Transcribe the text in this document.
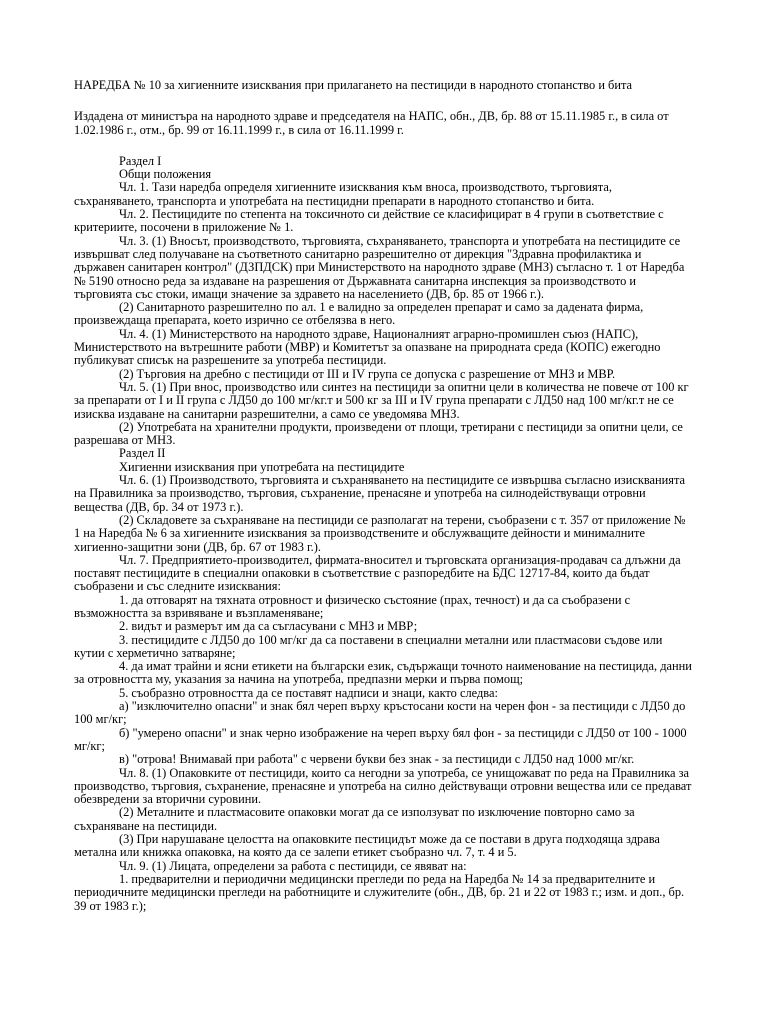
НАРЕДБА № 10 за хигиенните изисквания при прилагането на пестициди в народното стопанство и бита

Издадена от министъра на народното здраве и председателя на НАПС, обн., ДВ, бр. 88 от 15.11.1985 г., в сила от 1.02.1986 г., отм., бр. 99 от 16.11.1999 г., в сила от 16.11.1999 г.

Раздел I

Общи положения

Чл. 1. Тази наредба определя хигиенните изисквания към вноса, производството, търговията, съхраняването, транспорта и употребата на пестицидни препарати в народното стопанство и бита.

Чл. 2. Пестицидите по степента на токсичното си действие се класифицират в 4 групи в съответствие с критериите, посочени в приложение № 1.

Чл. 3. (1) Вносът, производството, търговията, съхраняването, транспорта и употребата на пестицидите се извършват след получаване на съответното санитарно разрешително от дирекция "Здравна профилактика и държавен санитарен контрол" (ДЗПДСК) при Министерството на народното здраве (МНЗ) съгласно т. 1 от Наредба № 5190 относно реда за издаване на разрешения от Държавната санитарна инспекция за производството и търговията със стоки, имащи значение за здравето на населението (ДВ, бр. 85 от 1966 г.).

(2) Санитарното разрешително по ал. 1 е валидно за определен препарат и само за дадената фирма, произвеждаща препарата, което изрично се отбелязва в него.

Чл. 4. (1) Министерството на народното здраве, Националният аграрно-промишлен съюз (НАПС), Министерството на вътрешните работи (МВР) и Комитетът за опазване на природната среда (КОПС) ежегодно публикуват списък на разрешените за употреба пестициди.

(2) Търговия на дребно с пестициди от III и IV група се допуска с разрешение от МНЗ и МВР.

Чл. 5. (1) При внос, производство или синтез на пестициди за опитни цели в количества не повече от 100 кг за препарати от I и II група с ЛД50 до 100 мг/кг.т и 500 кг за III и IV група препарати с ЛД50 над 100 мг/кг.т не се изисква издаване на санитарни разрешителни, а само се уведомява МНЗ.

(2) Употребата на хранителни продукти, произведени от площи, третирани с пестициди за опитни цели, се разрешава от МНЗ.

Раздел II

Хигиенни изисквания при употребата на пестицидите

Чл. 6. (1) Производството, търговията и съхраняването на пестицидите се извършва съгласно изискванията на Правилника за производство, търговия, съхранение, пренасяне и употреба на силнодействуващи отровни вещества (ДВ, бр. 34 от 1973 г.).

(2) Складовете за съхраняване на пестициди се разполагат на терени, съобразени с т. 357 от приложение № 1 на Наредба № 6 за хигиенните изисквания за производствените и обслужващите дейности и минималните хигиенно-защитни зони (ДВ, бр. 67 от 1983 г.).

Чл. 7. Предприятието-производител, фирмата-вносител и търговската организация-продавач са длъжни да поставят пестицидите в специални опаковки в съответствие с разпоредбите на БДС 12717-84, които да бъдат съобразени и със следните изисквания:

1. да отговарят на тяхната отровност и физическо състояние (прах, течност) и да са съобразени с възможността за взривяване и възпламеняване;

2. видът и размерът им да са съгласувани с МНЗ и МВР;

3. пестицидите с ЛД50 до 100 мг/кг да са поставени в специални метални или пластмасови съдове или кутии с херметично затваряне;

4. да имат трайни и ясни етикети на български език, съдържащи точното наименование на пестицида, данни за отровността му, указания за начина на употреба, предпазни мерки и първа помощ;

5. съобразно отровността да се поставят надписи и знаци, както следва:

а) "изключително опасни" и знак бял череп върху кръстосани кости на черен фон - за пестициди с ЛД50 до 100 мг/кг;

б) "умерено опасни" и знак черно изображение на череп върху бял фон - за пестициди с ЛД50 от 100 - 1000 мг/кг;

в) "отрова! Внимавай при работа" с червени букви без знак - за пестициди с ЛД50 над 1000 мг/кг.

Чл. 8. (1) Опаковките от пестициди, които са негодни за употреба, се унищожават по реда на Правилника за производство, търговия, съхранение, пренасяне и употреба на силно действуващи отровни вещества или се предават обезвредени за вторични суровини.

(2) Металните и пластмасовите опаковки могат да се използуват по изключение повторно само за съхраняване на пестициди.

(3) При нарушаване целостта на опаковките пестицидът може да се постави в друга подходяща здрава метална или книжка опаковка, на която да се залепи етикет съобразно чл. 7, т. 4 и 5.

Чл. 9. (1) Лицата, определени за работа с пестициди, се явяват на:

1. предварителни и периодични медицински прегледи по реда на Наредба № 14 за предварителните и периодичните медицински прегледи на работниците и служителите (обн., ДВ, бр. 21 и 22 от 1983 г.; изм. и доп., бр. 39 от 1983 г.);
